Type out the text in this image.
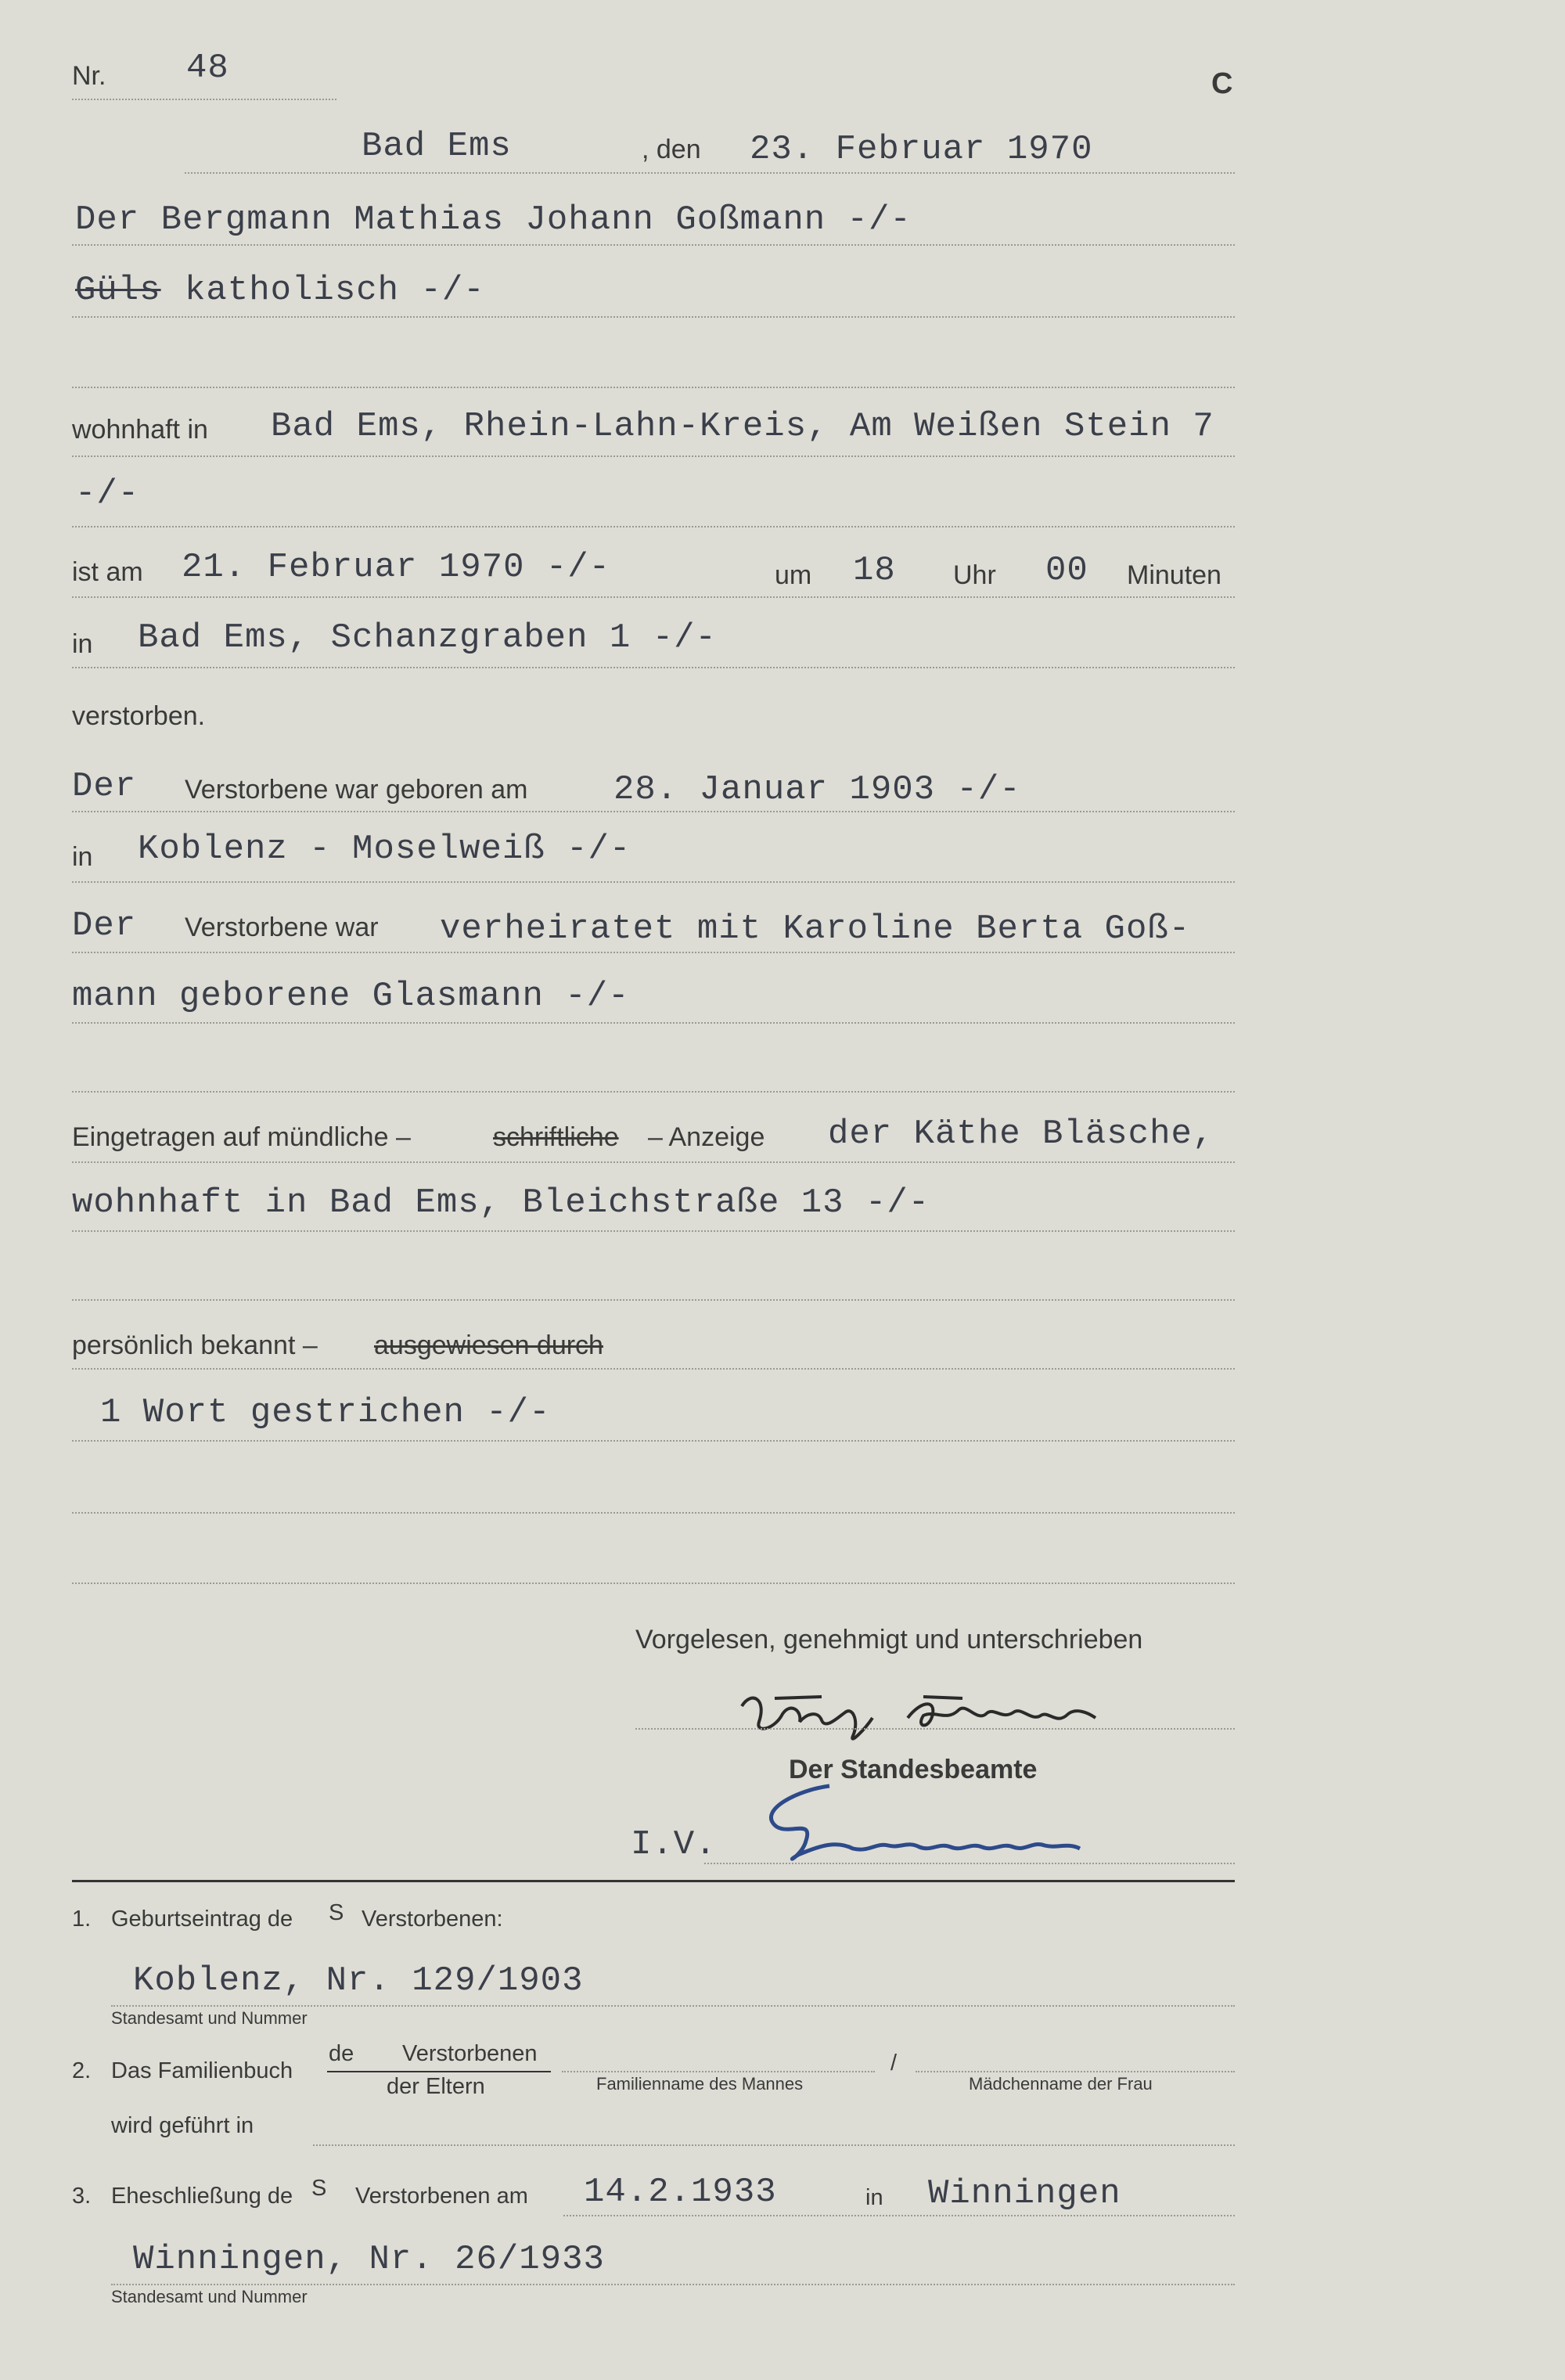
Nr. 48	C
Bad Ems	, den 23. Februar 1970
Der Bergmann Mathias Johann Goßmann -/-
Güls katholisch -/-
wohnhaft in Bad Ems, Rhein-Lahn-Kreis, Am Weißen Stein 7
-/-
ist am 21. Februar 1970 -/-	um 18 Uhr 00 Minuten
in Bad Ems, Schanzgraben 1 -/-
verstorben.
Der Verstorbene war geboren am 28. Januar 1903 -/-
in Koblenz - Moselweiß -/-
Der Verstorbene war verheiratet mit Karoline Berta Goß-
mann geborene Glasmann -/-
Eingetragen auf mündliche –	schriftliche – Anzeige der Käthe Bläsche,
wohnhaft in Bad Ems, Bleichstraße 13 -/-
persönlich bekannt – ausgewiesen durch
1 Wort gestrichen -/-
Vorgelesen, genehmigt und unterschrieben
Der Standesbeamte
I.V.
1. Geburtseintrag de S Verstorbenen:
Koblenz, Nr. 129/1903
Standesamt und Nummer
2. Das Familienbuch
de Verstorbenen
der Eltern
/
Familienname des Mannes	Mädchenname der Frau
wird geführt in
3. Eheschließung de S Verstorbenen am 14.2.1933	in Winningen
Winningen, Nr. 26/1933
Standesamt und Nummer
